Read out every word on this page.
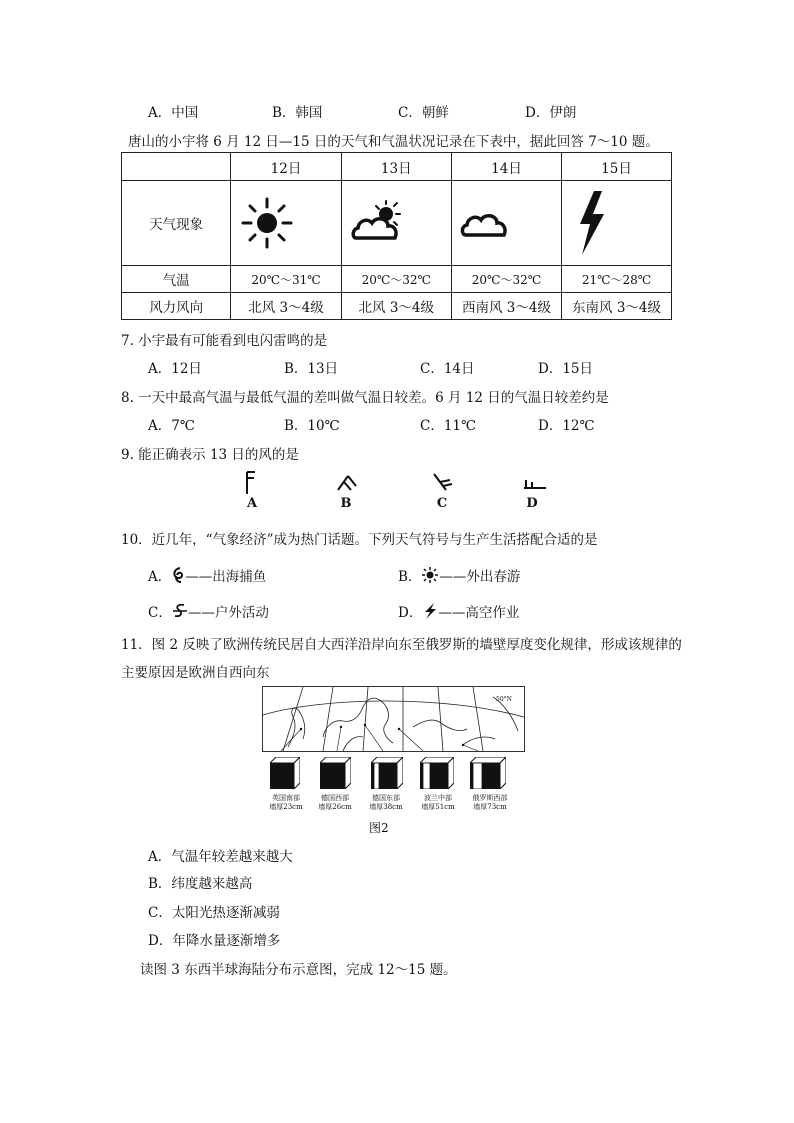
A．中国	B．韩国	C．朝鲜	D．伊朗
唐山的小宇将 6 月 12 日—15 日的天气和气温状况记录在下表中，据此回答 7～10 题。
	12日	13日	14日	15日
天气现象	

气温	20℃～31℃	20℃～32℃	20℃～32℃	21℃～28℃
风力风向	北风 3～4级	北风 3～4级	西南风 3～4级	东南风 3～4级
7. 小宇最有可能看到电闪雷鸣的是
A．12日	B．13日	C．14日	D．15日
8. 一天中最高气温与最低气温的差叫做气温日较差。6 月 12 日的气温日较差约是
A．7℃	B．10℃	C．11℃	D．12℃
9. 能正确表示 13 日的风的是
A	B	C	D
10．近几年，“气象经济”成为热门话题。下列天气符号与生产生活搭配合适的是
A． ——出海捕鱼	B． ——外出春游
C． ——户外活动	D． ——高空作业
11．图 2 反映了欧洲传统民居自大西洋沿岸向东至俄罗斯的墙壁厚度变化规律，形成该规律的
主要原因是欧洲自西向东
50°N
英国南部
墙厚23cm
德国西部
墙厚26cm
德国东部
墙厚38cm
波兰中部
墙厚51cm
俄罗斯西部
墙厚73cm
图2
A．气温年较差越来越大
B．纬度越来越高
C．太阳光热逐渐减弱
D．年降水量逐渐增多
读图 3 东西半球海陆分布示意图，完成 12～15 题。
